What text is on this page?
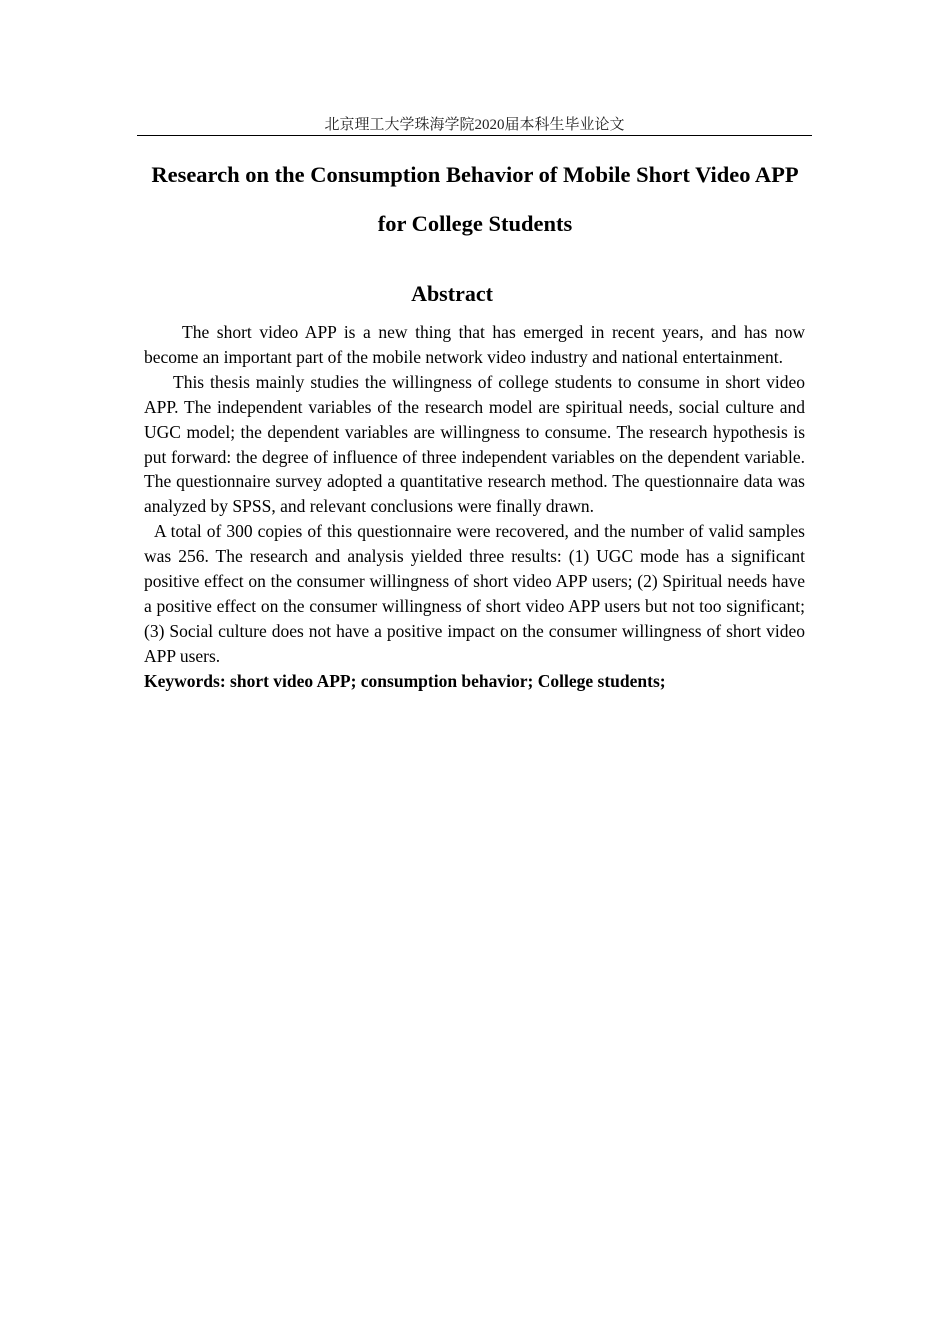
北京理工大学珠海学院2020届本科生毕业论文
Research on the Consumption Behavior of Mobile Short Video APP for College Students
Abstract

The short video APP is a new thing that has emerged in recent years, and has now become an important part of the mobile network video industry and national entertainment.

This thesis mainly studies the willingness of college students to consume in short video APP. The independent variables of the research model are spiritual needs, social culture and UGC model; the dependent variables are willingness to consume. The research hypothesis is put forward: the degree of influence of three independent variables on the dependent variable. The questionnaire survey adopted a quantitative research method. The questionnaire data was analyzed by SPSS, and relevant conclusions were finally drawn.

A total of 300 copies of this questionnaire were recovered, and the number of valid samples was 256. The research and analysis yielded three results: (1) UGC mode has a significant positive effect on the consumer willingness of short video APP users; (2) Spiritual needs have a positive effect on the consumer willingness of short video APP users but not too significant; (3) Social culture does not have a positive impact on the consumer willingness of short video APP users.

Keywords: short video APP; consumption behavior; College students;
